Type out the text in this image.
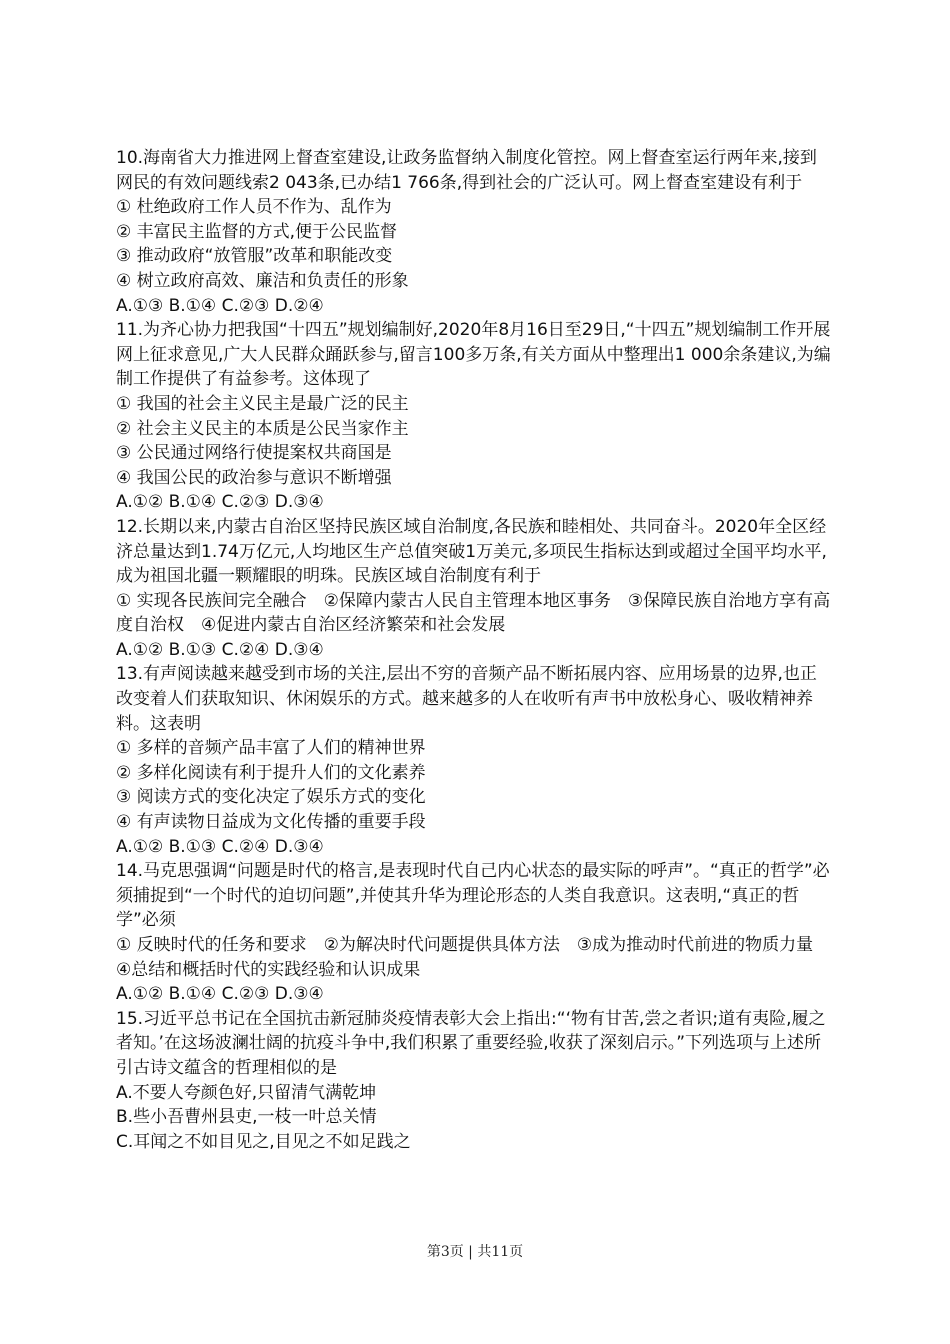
10.海南省大力推进网上督查室建设,让政务监督纳入制度化管控。网上督查室运行两年来,接到网民的有效问题线索2 043条,已办结1 766条,得到社会的广泛认可。网上督查室建设有利于

① 杜绝政府工作人员不作为、乱作为

② 丰富民主监督的方式,便于公民监督

③ 推动政府“放管服”改革和职能改变

④ 树立政府高效、廉洁和负责任的形象

A.①③ B.①④ C.②③ D.②④

11.为齐心协力把我国“十四五”规划编制好,2020年8月16日至29日,“十四五”规划编制工作开展网上征求意见,广大人民群众踊跃参与,留言100多万条,有关方面从中整理出1 000余条建议,为编制工作提供了有益参考。这体现了

① 我国的社会主义民主是最广泛的民主

② 社会主义民主的本质是公民当家作主

③ 公民通过网络行使提案权共商国是

④ 我国公民的政治参与意识不断增强

A.①② B.①④ C.②③ D.③④

12.长期以来,内蒙古自治区坚持民族区域自治制度,各民族和睦相处、共同奋斗。2020年全区经济总量达到1.74万亿元,人均地区生产总值突破1万美元,多项民生指标达到或超过全国平均水平,成为祖国北疆一颗耀眼的明珠。民族区域自治制度有利于

① 实现各民族间完全融合　②保障内蒙古人民自主管理本地区事务　③保障民族自治地方享有高度自治权　④促进内蒙古自治区经济繁荣和社会发展

A.①② B.①③ C.②④ D.③④

13.有声阅读越来越受到市场的关注,层出不穷的音频产品不断拓展内容、应用场景的边界,也正改变着人们获取知识、休闲娱乐的方式。越来越多的人在收听有声书中放松身心、吸收精神养料。这表明

① 多样的音频产品丰富了人们的精神世界

② 多样化阅读有利于提升人们的文化素养

③ 阅读方式的变化决定了娱乐方式的变化

④ 有声读物日益成为文化传播的重要手段

A.①② B.①③ C.②④ D.③④

14.马克思强调“问题是时代的格言,是表现时代自己内心状态的最实际的呼声”。“真正的哲学”必须捕捉到“一个时代的迫切问题”,并使其升华为理论形态的人类自我意识。这表明,“真正的哲学”必须

① 反映时代的任务和要求　②为解决时代问题提供具体方法　③成为推动时代前进的物质力量　④总结和概括时代的实践经验和认识成果

A.①② B.①④ C.②③ D.③④

15.习近平总书记在全国抗击新冠肺炎疫情表彰大会上指出:“‘物有甘苦,尝之者识;道有夷险,履之者知。’在这场波澜壮阔的抗疫斗争中,我们积累了重要经验,收获了深刻启示。”下列选项与上述所引古诗文蕴含的哲理相似的是

A.不要人夸颜色好,只留清气满乾坤

B.些小吾曹州县吏,一枝一叶总关情

C.耳闻之不如目见之,目见之不如足践之

第3页 | 共11页
